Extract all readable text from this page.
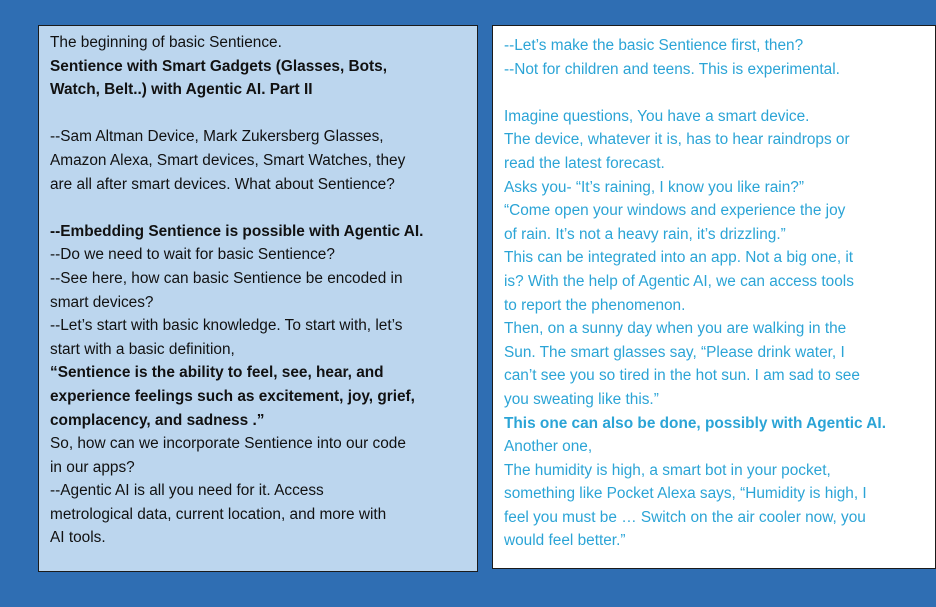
The beginning of basic Sentience.
Sentience with Smart Gadgets (Glasses, Bots,
Watch, Belt..) with Agentic AI. Part II
--Sam Altman Device, Mark Zukersberg Glasses,
Amazon Alexa, Smart devices, Smart Watches, they
are all after smart devices. What about Sentience?
--Embedding Sentience is possible with Agentic AI.
--Do we need to wait for basic Sentience?
--See here, how can basic Sentience be encoded in
smart devices?
--Let’s start with basic knowledge. To start with, let’s
start with a basic definition,
“Sentience is the ability to feel, see, hear, and
experience feelings such as excitement, joy, grief,
complacency, and sadness .”
So, how can we incorporate Sentience into our code
in our apps?
--Agentic AI is all you need for it. Access
metrological data, current location, and more with
AI tools.
--Let’s make the basic Sentience first, then?
--Not for children and teens. This is experimental.
Imagine questions, You have a smart device.
The device, whatever it is, has to hear raindrops or
read the latest forecast.
Asks you- “It’s raining, I know you like rain?”
“Come open your windows and experience the joy
of rain. It’s not a heavy rain, it’s drizzling.”
This can be integrated into an app. Not a big one, it
is? With the help of Agentic AI, we can access tools
to report the phenomenon.
Then, on a sunny day when you are walking in the
Sun. The smart glasses say, “Please drink water, I
can’t see you so tired in the hot sun. I am sad to see
you sweating like this.”
This one can also be done, possibly with Agentic AI.
Another one,
The humidity is high, a smart bot in your pocket,
something like Pocket Alexa says, “Humidity is high, I
feel you must be … Switch on the air cooler now, you
would feel better.”
